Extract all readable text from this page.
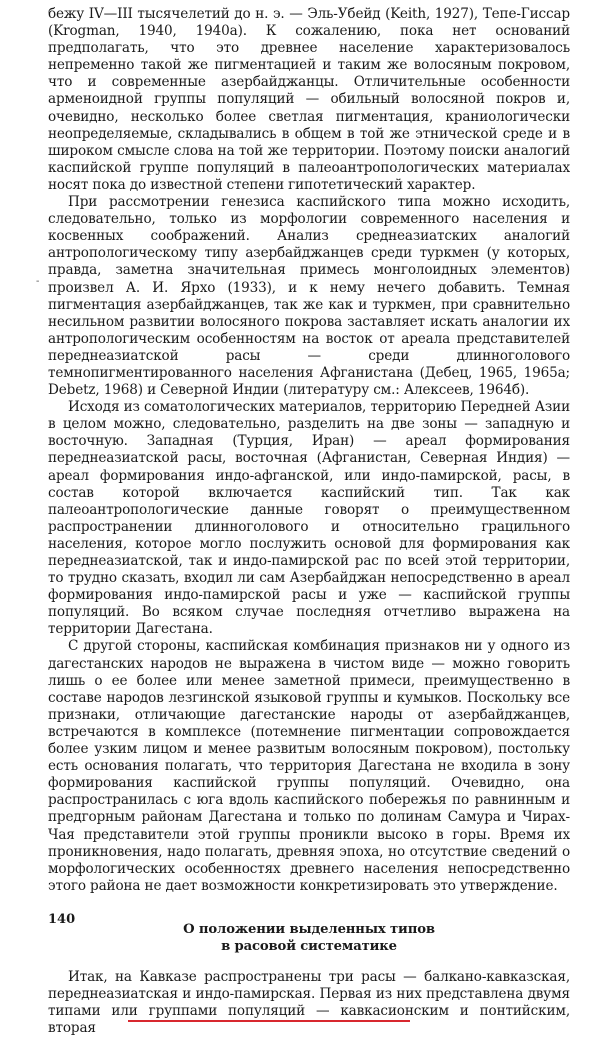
бежу IV—III тысячелетий до н. э. — Эль-Убейд (Keith, 1927), Тепе-Гиссар (Krogman, 1940, 1940a). К сожалению, пока нет оснований предполагать, что это древнее население характеризовалось непременно такой же пигментацией и таким же волосяным покровом, что и современные азербайджанцы. Отличительные особенности арменоидной группы популяций — обильный волосяной покров и, очевидно, несколько более светлая пигментация, краниологически неопределяемые, складывались в общем в той же этнической среде и в широком смысле слова на той же территории. Поэтому поиски аналогий каспийской группе популяций в палеоантропологических материалах носят пока до известной степени гипотетический характер.

При рассмотрении генезиса каспийского типа можно исходить, следовательно, только из морфологии современного населения и косвенных соображений. Анализ среднеазиатских аналогий антропологическому типу азербайджанцев среди туркмен (у которых, правда, заметна значительная примесь монголоидных элементов) произвел А. И. Ярхо (1933), и к нему нечего добавить. Темная пигментация азербайджанцев, так же как и туркмен, при сравнительно несильном развитии волосяного покрова заставляет искать аналогии их антропологическим особенностям на восток от ареала представителей переднеазиатской расы — среди длинноголового темнопигментированного населения Афганистана (Дебец, 1965, 1965a; Debetz, 1968) и Северной Индии (литературу см.: Алексеев, 1964б).

Исходя из соматологических материалов, территорию Передней Азии в целом можно, следовательно, разделить на две зоны — западную и восточную. Западная (Турция, Иран) — ареал формирования переднеазиатской расы, восточная (Афганистан, Северная Индия) — ареал формирования индо-афганской, или индо-памирской, расы, в состав которой включается каспийский тип. Так как палеоантропологические данные говорят о преимущественном распространении длинноголового и относительно грацильного населения, которое могло послужить основой для формирования как переднеазиатской, так и индо-памирской рас по всей этой территории, то трудно сказать, входил ли сам Азербайджан непосредственно в ареал формирования индо-памирской расы и уже — каспийской группы популяций. Во всяком случае последняя отчетливо выражена на территории Дагестана.

С другой стороны, каспийская комбинация признаков ни у одного из дагестанских народов не выражена в чистом виде — можно говорить лишь о ее более или менее заметной примеси, преимущественно в составе народов лезгинской языковой группы и кумыков. Поскольку все признаки, отличающие дагестанские народы от азербайджанцев, встречаются в комплексе (потемнение пигментации сопровождается более узким лицом и менее развитым волосяным покровом), постольку есть основания полагать, что территория Дагестана не входила в зону формирования каспийской группы популяций. Очевидно, она распространилась с юга вдоль каспийского побережья по равнинным и предгорным районам Дагестана и только по долинам Самура и Чирах-Чая представители этой группы проникли высоко в горы. Время их проникновения, надо полагать, древняя эпоха, но отсутствие сведений о морфологических особенностях древнего населения непосредственно этого района не дает возможности конкретизировать это утверждение.

О положении выделенных типов
в расовой систематике

Итак, на Кавказе распространены три расы — балкано-кавказская, переднеазиатская и индо-памирская. Первая из них представлена двумя типами или группами популяций — кавкасионским и понтийским, вторая

-
140
